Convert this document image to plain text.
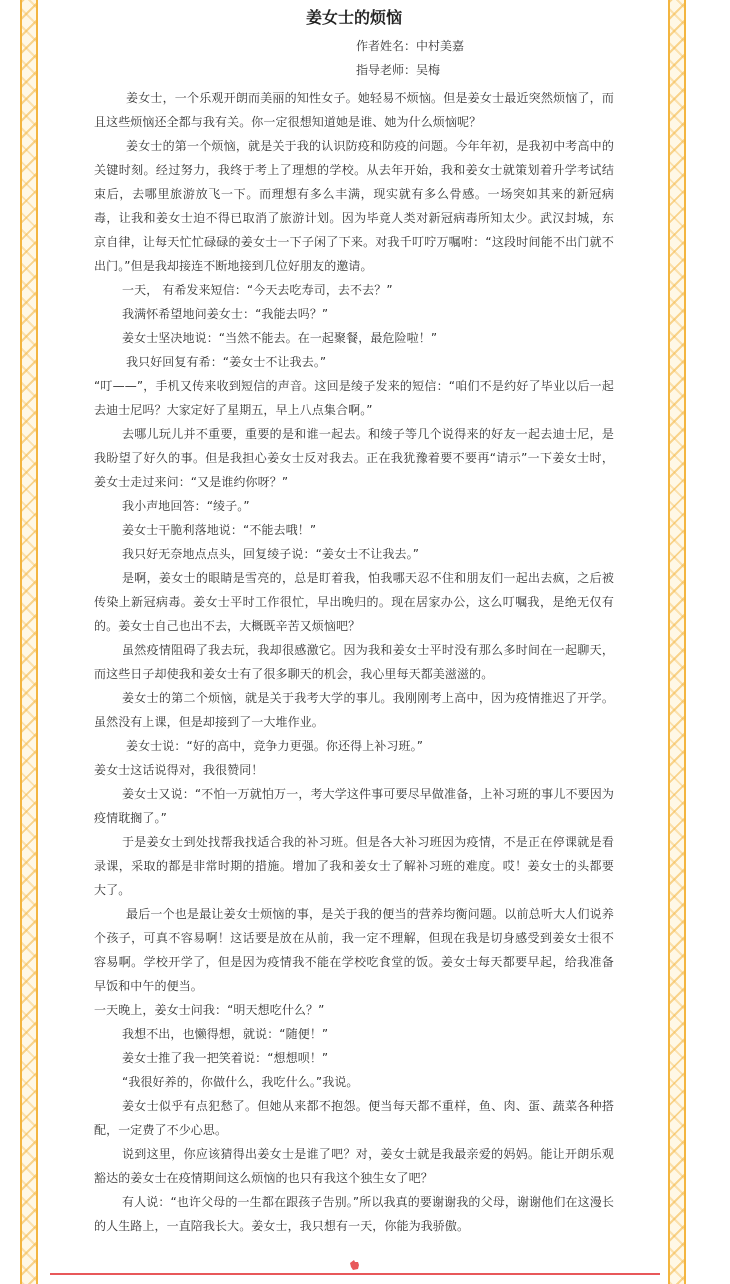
姜女士的烦恼

作者姓名：中村美嘉

指导老师：吴梅

姜女士，一个乐观开朗而美丽的知性女子。她轻易不烦恼。但是姜女士最近突然烦恼了，而且这些烦恼还全都与我有关。你一定很想知道她是谁、她为什么烦恼呢？

姜女士的第一个烦恼，就是关于我的认识防疫和防疫的问题。今年年初，是我初中考高中的关键时刻。经过努力，我终于考上了理想的学校。从去年开始，我和姜女士就策划着升学考试结束后，去哪里旅游放飞一下。而理想有多么丰满，现实就有多么骨感。一场突如其来的新冠病毒，让我和姜女士迫不得已取消了旅游计划。因为毕竟人类对新冠病毒所知太少。武汉封城，东京自律，让每天忙忙碌碌的姜女士一下子闲了下来。对我千叮咛万嘱咐：“这段时间能不出门就不出门。”但是我却接连不断地接到几位好朋友的邀请。

一天， 有希发来短信：“今天去吃寿司，去不去？”

我满怀希望地问姜女士：“我能去吗？”

姜女士坚决地说：“当然不能去。在一起聚餐，最危险啦！”

我只好回复有希：“姜女士不让我去。”

“叮——”，手机又传来收到短信的声音。这回是绫子发来的短信：“咱们不是约好了毕业以后一起去迪士尼吗？大家定好了星期五，早上八点集合啊。”

去哪儿玩儿并不重要，重要的是和谁一起去。和绫子等几个说得来的好友一起去迪士尼，是我盼望了好久的事。但是我担心姜女士反对我去。正在我犹豫着要不要再“请示”一下姜女士时，姜女士走过来问：“又是谁约你呀？”

我小声地回答：“绫子。”

姜女士干脆利落地说：“不能去哦！”

我只好无奈地点点头，回复绫子说：“姜女士不让我去。”

是啊，姜女士的眼睛是雪亮的，总是盯着我，怕我哪天忍不住和朋友们一起出去疯，之后被传染上新冠病毒。姜女士平时工作很忙，早出晚归的。现在居家办公，这么叮嘱我，是绝无仅有的。姜女士自己也出不去，大概既辛苦又烦恼吧？

虽然疫情阻碍了我去玩，我却很感激它。因为我和姜女士平时没有那么多时间在一起聊天，而这些日子却使我和姜女士有了很多聊天的机会，我心里每天都美滋滋的。

姜女士的第二个烦恼，就是关于我考大学的事儿。我刚刚考上高中，因为疫情推迟了开学。虽然没有上课，但是却接到了一大堆作业。

姜女士说：“好的高中，竞争力更强。你还得上补习班。”

姜女士这话说得对，我很赞同！

姜女士又说：“不怕一万就怕万一，考大学这件事可要尽早做准备，上补习班的事儿不要因为疫情耽搁了。”

于是姜女士到处找帮我找适合我的补习班。但是各大补习班因为疫情，不是正在停课就是看录课，采取的都是非常时期的措施。增加了我和姜女士了解补习班的难度。哎！姜女士的头都要大了。

最后一个也是最让姜女士烦恼的事，是关于我的便当的营养均衡问题。以前总听大人们说养个孩子，可真不容易啊！这话要是放在从前，我一定不理解，但现在我是切身感受到姜女士很不容易啊。学校开学了，但是因为疫情我不能在学校吃食堂的饭。姜女士每天都要早起，给我准备早饭和中午的便当。

一天晚上，姜女士问我：“明天想吃什么？”

我想不出，也懒得想，就说：“随便！”

姜女士推了我一把笑着说：“想想呗！”

“我很好养的，你做什么，我吃什么。”我说。

姜女士似乎有点犯愁了。但她从来都不抱怨。便当每天都不重样，鱼、肉、蛋、蔬菜各种搭配，一定费了不少心思。

说到这里，你应该猜得出姜女士是谁了吧？对，姜女士就是我最亲爱的妈妈。能让开朗乐观豁达的姜女士在疫情期间这么烦恼的也只有我这个独生女了吧？

有人说：“也许父母的一生都在跟孩子告别。”所以我真的要谢谢我的父母，谢谢他们在这漫长的人生路上，一直陪我长大。姜女士，我只想有一天，你能为我骄傲。
